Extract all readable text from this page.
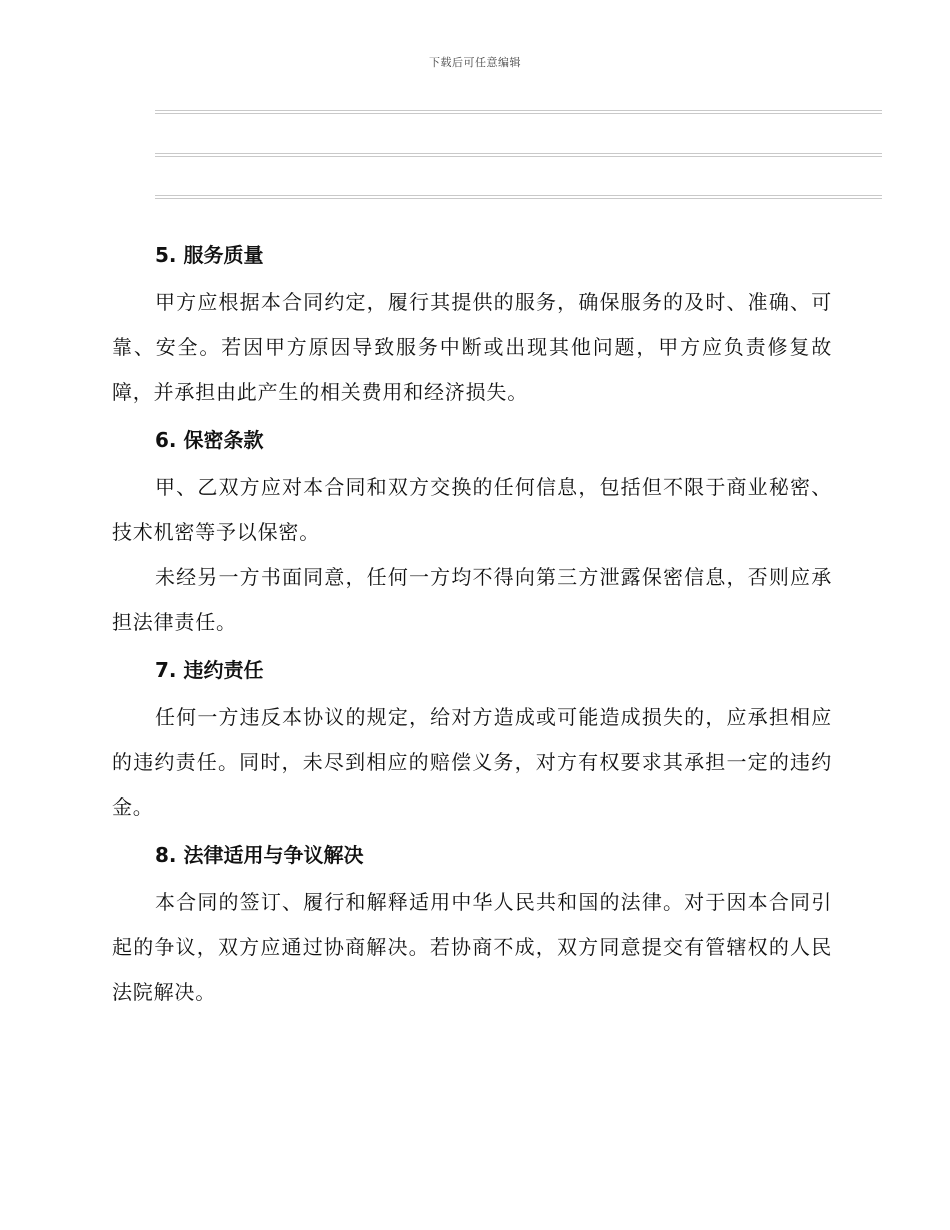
下载后可任意编辑
5. 服务质量

甲方应根据本合同约定，履行其提供的服务，确保服务的及时、准确、可靠、安全。若因甲方原因导致服务中断或出现其他问题，甲方应负责修复故障，并承担由此产生的相关费用和经济损失。

6. 保密条款

甲、乙双方应对本合同和双方交换的任何信息，包括但不限于商业秘密、技术机密等予以保密。

未经另一方书面同意，任何一方均不得向第三方泄露保密信息，否则应承担法律责任。

7. 违约责任

任何一方违反本协议的规定，给对方造成或可能造成损失的，应承担相应的违约责任。同时，未尽到相应的赔偿义务，对方有权要求其承担一定的违约金。

8. 法律适用与争议解决

本合同的签订、履行和解释适用中华人民共和国的法律。对于因本合同引起的争议，双方应通过协商解决。若协商不成，双方同意提交有管辖权的人民法院解决。
